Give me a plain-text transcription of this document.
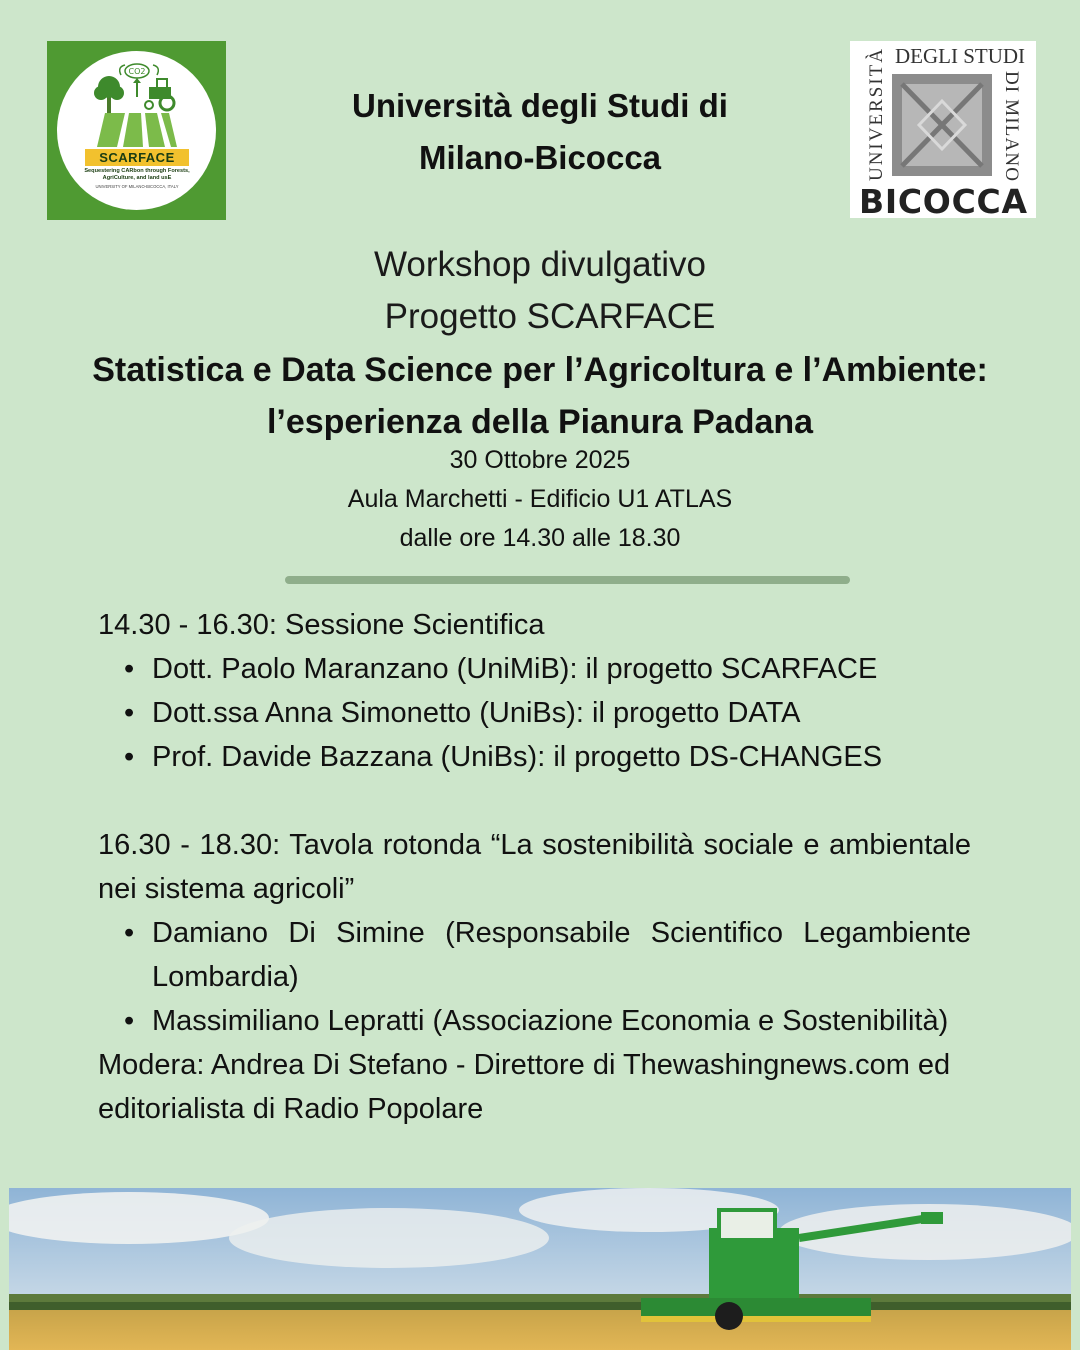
CO2
SCARFACE
Sequestering CARbon through Forests, AgriCulture, and land usE
UNIVERSITY OF MILANO-BICOCCA, ITALY
Università degli Studi di
Milano-Bicocca
DEGLI STUDI
UNIVERSITÀ
DI MILANO
BICOCCA
Workshop divulgativo
Progetto SCARFACE
Statistica e Data Science per l’Agricoltura e l’Ambiente:
l’esperienza della Pianura Padana
30 Ottobre 2025
Aula Marchetti - Edificio U1 ATLAS
dalle ore 14.30 alle 18.30

14.30 - 16.30: Sessione Scientifica

• Dott. Paolo Maranzano (UniMiB): il progetto SCARFACE
• Dott.ssa Anna Simonetto (UniBs): il progetto DATA
• Prof. Davide Bazzana (UniBs): il progetto DS-CHANGES

16.30 - 18.30: Tavola rotonda “La sostenibilità sociale e ambientale nei sistema agricoli”

• Damiano Di Simine (Responsabile Scientifico Legambiente Lombardia)
• Massimiliano Lepratti (Associazione Economia e Sostenibilità)

Modera: Andrea Di Stefano - Direttore di Thewashingnews.com ed editorialista di Radio Popolare
